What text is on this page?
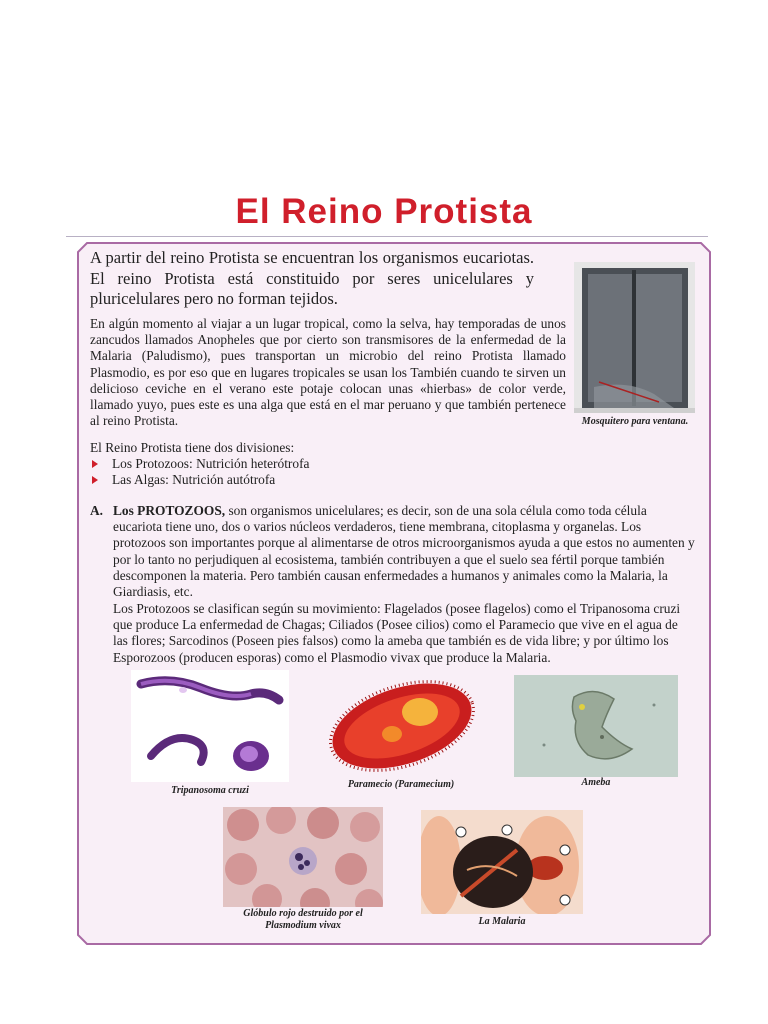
El Reino Protista

A partir del reino Protista se encuentran los organismos eucariotas. El reino Protista está constituido por seres unicelulares y pluricelulares pero no forman tejidos.

En algún momento al viajar a un lugar tropical, como la selva, hay temporadas de unos zancudos llamados Anopheles que por cierto son transmisores de la enfermedad de la Malaria (Paludismo), pues transportan un microbio del reino Protista llamado Plasmodio, es por eso que en lugares tropicales se usan los También cuando te sirven un delicioso ceviche en el verano este potaje colocan unas «hierbas» de color verde, llamado yuyo, pues este es una alga que está en el mar peruano y que también pertenece al reino Protista.	Mosquitero para ventana.

El Reino Protista tiene dos divisiones:

Los Protozoos: Nutrición heterótrofa
Las Algas: Nutrición autótrofa

A. Los PROTOZOOS, son organismos unicelulares; es decir, son de una sola célula como toda célula eucariota tiene uno, dos o varios núcleos verdaderos, tiene membrana, citoplasma y organelas. Los protozoos son importantes porque al alimentarse de otros microorganismos ayuda a que estos no aumenten y por lo tanto no perjudiquen al ecosistema, también contribuyen a que el suelo sea fértil porque también descomponen la materia. Pero también causan enfermedades a humanos y animales como la Malaria, la Giardiasis, etc.

Los Protozoos se clasifican según su movimiento: Flagelados (posee flagelos) como el Tripanosoma cruzi que produce La enfermedad de Chagas; Ciliados (Posee cilios) como el Paramecio que vive en el agua de las flores; Sarcodinos (Poseen pies falsos) como la ameba que también es de vida libre; y por último los Esporozoos (producen esporas) como el Plasmodio vivax que produce la Malaria.

Tripanosoma cruzi

Paramecio (Paramecium)	Ameba

Glóbulo rojo destruido por el
Plasmodium vivax	La Malaria
